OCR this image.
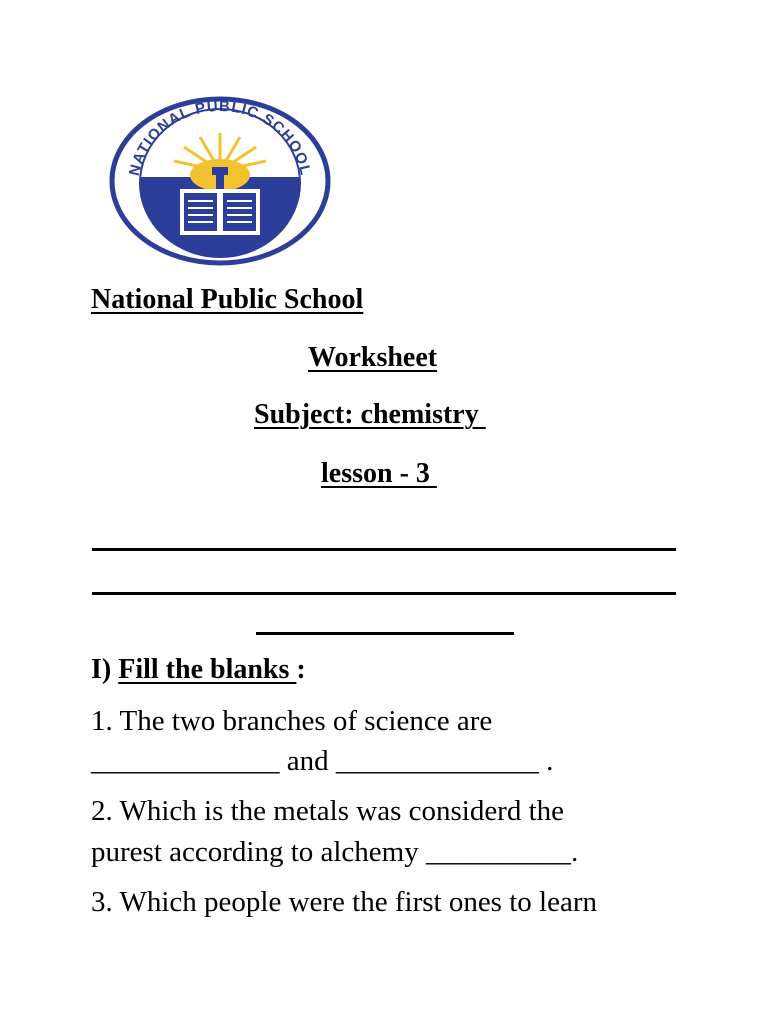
NATIONAL PUBLIC SCHOOL
• EST 1959 •
National Public School
Worksheet
Subject: chemistry
lesson - 3
I) Fill the blanks :
1. The two branches of science are
_____________ and ______________ .
2. Which is the metals was considerd the
purest according to alchemy __________.
3. Which people were the first ones to learn
